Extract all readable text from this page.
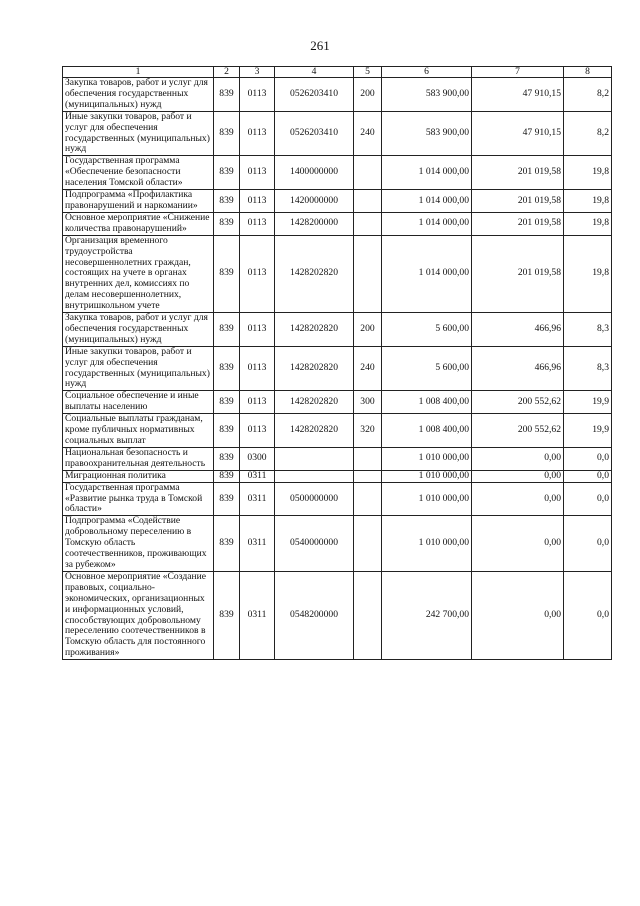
261
1	2	3	4	5	6	7	8
Закупка товаров, работ и услуг для обеспечения государственных (муниципальных) нужд	839	0113	0526203410	200	583 900,00	47 910,15	8,2
Иные закупки товаров, работ и услуг для обеспечения государственных (муниципальных) нужд	839	0113	0526203410	240	583 900,00	47 910,15	8,2
Государственная программа «Обеспечение безопасности населения Томской области»	839	0113	1400000000		1 014 000,00	201 019,58	19,8
Подпрограмма «Профилактика правонарушений и наркомании»	839	0113	1420000000		1 014 000,00	201 019,58	19,8
Основное мероприятие «Снижение количества правонарушений»	839	0113	1428200000		1 014 000,00	201 019,58	19,8
Организация временного трудоустройства несовершеннолетних граждан, состоящих на учете в органах внутренних дел, комиссиях по делам несовершеннолетних, внутришкольном учете	839	0113	1428202820		1 014 000,00	201 019,58	19,8
Закупка товаров, работ и услуг для обеспечения государственных (муниципальных) нужд	839	0113	1428202820	200	5 600,00	466,96	8,3
Иные закупки товаров, работ и услуг для обеспечения государственных (муниципальных) нужд	839	0113	1428202820	240	5 600,00	466,96	8,3
Социальное обеспечение и иные выплаты населению	839	0113	1428202820	300	1 008 400,00	200 552,62	19,9
Социальные выплаты гражданам, кроме публичных нормативных социальных выплат	839	0113	1428202820	320	1 008 400,00	200 552,62	19,9
Национальная безопасность и правоохранительная деятельность	839	0300			1 010 000,00	0,00	0,0
Миграционная политика	839	0311			1 010 000,00	0,00	0,0
Государственная программа «Развитие рынка труда в Томской области»	839	0311	0500000000		1 010 000,00	0,00	0,0
Подпрограмма «Содействие добровольному переселению в Томскую область соотечественников, проживающих за рубежом»	839	0311	0540000000		1 010 000,00	0,00	0,0
Основное мероприятие «Создание правовых, социально-экономических, организационных и информационных условий, способствующих добровольному переселению соотечественников в Томскую область для постоянного проживания»	839	0311	0548200000		242 700,00	0,00	0,0
